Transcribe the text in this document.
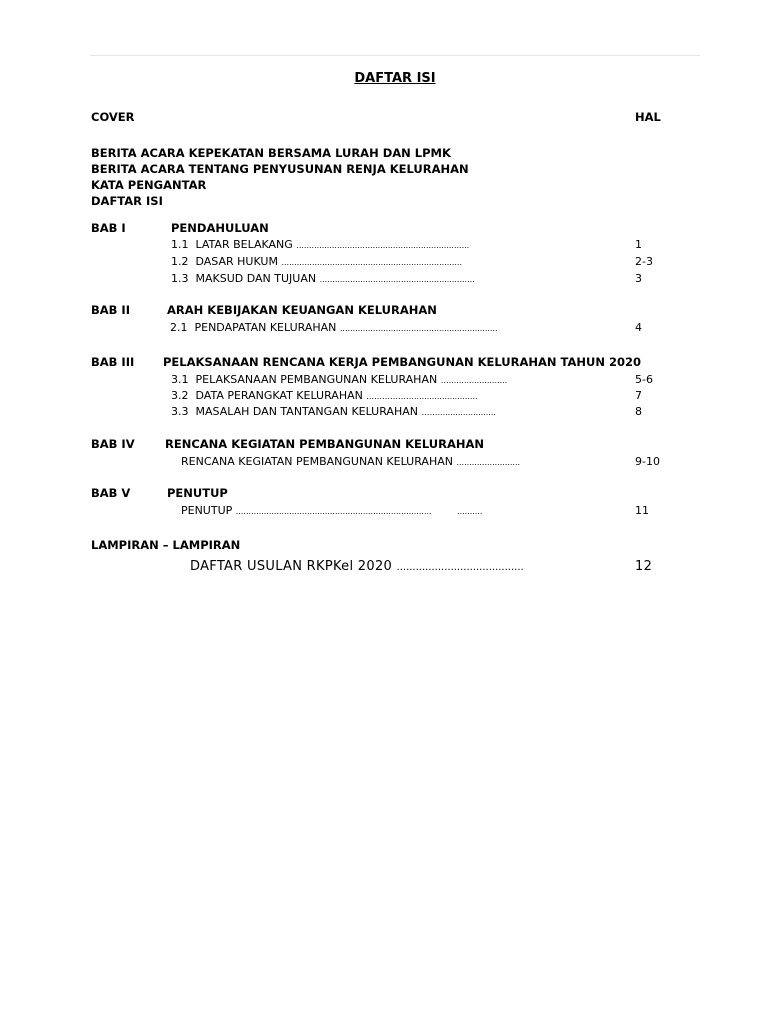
DAFTAR ISI
COVER	HAL
BERITA ACARA KEPEKATAN BERSAMA LURAH DAN LPMK
BERITA ACARA TENTANG PENYUSUNAN RENJA KELURAHAN
KATA PENGANTAR
DAFTAR ISI
BAB I	PENDAHULUAN
1.1 LATAR BELAKANG ....................................................................	1
1.2 DASAR HUKUM .......................................................................	2-3
1.3 MAKSUD DAN TUJUAN .............................................................	3
BAB II	ARAH KEBIJAKAN KEUANGAN KELURAHAN
2.1 PENDAPATAN KELURAHAN ..............................................................	4
BAB III PELAKSANAAN RENCANA KERJA PEMBANGUNAN KELURAHAN TAHUN 2020
3.1 PELAKSANAAN PEMBANGUNAN KELURAHAN ….......................	5-6
3.2 DATA PERANGKAT KELURAHAN ..……………..........................	7
3.3 MASALAH DAN TANTANGAN KELURAHAN …….......................	8
BAB IV	RENCANA KEGIATAN PEMBANGUNAN KELURAHAN
RENCANA KEGIATAN PEMBANGUNAN KELURAHAN .........................	9-10
BAB V	PENUTUP
PENUTUP .............................................................................          ..........	11
LAMPIRAN – LAMPIRAN
DAFTAR USULAN RKPKel 2020 ........................................	12
